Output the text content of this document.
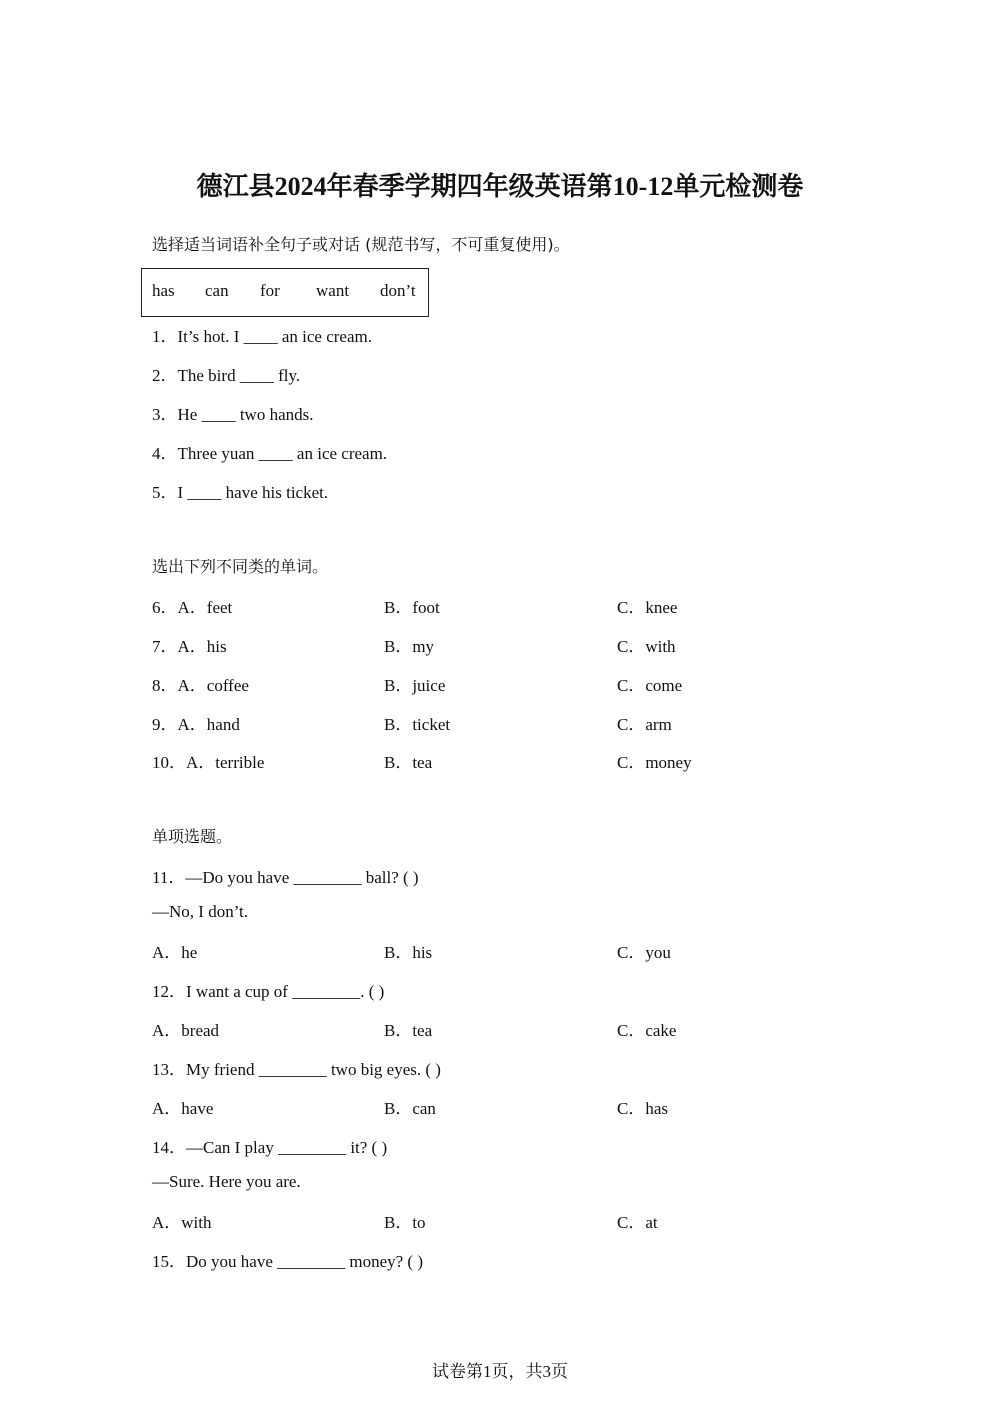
德江县2024年春季学期四年级英语第10-12单元检测卷
选择适当词语补全句子或对话 (规范书写，不可重复使用)。
has can for want don’t
1．It’s hot. I ____ an ice cream.
2．The bird ____ fly.
3．He ____ two hands.
4．Three yuan ____ an ice cream.
5．I ____ have his ticket.
选出下列不同类的单词。
6．A．feet	B．foot	C．knee
7．A．his	B．my	C．with
8．A．coffee	B．juice	C．come
9．A．hand	B．ticket	C．arm
10．A．terrible	B．tea	C．money
单项选题。
11．—Do you have ________ ball? ( )
—No, I don’t.
A．he	B．his	C．you
12．I want a cup of ________. ( )
A．bread	B．tea	C．cake
13．My friend ________ two big eyes. ( )
A．have	B．can	C．has
14．—Can I play ________ it? ( )
—Sure. Here you are.
A．with	B．to	C．at
15．Do you have ________ money? ( )
试卷第1页，共3页
